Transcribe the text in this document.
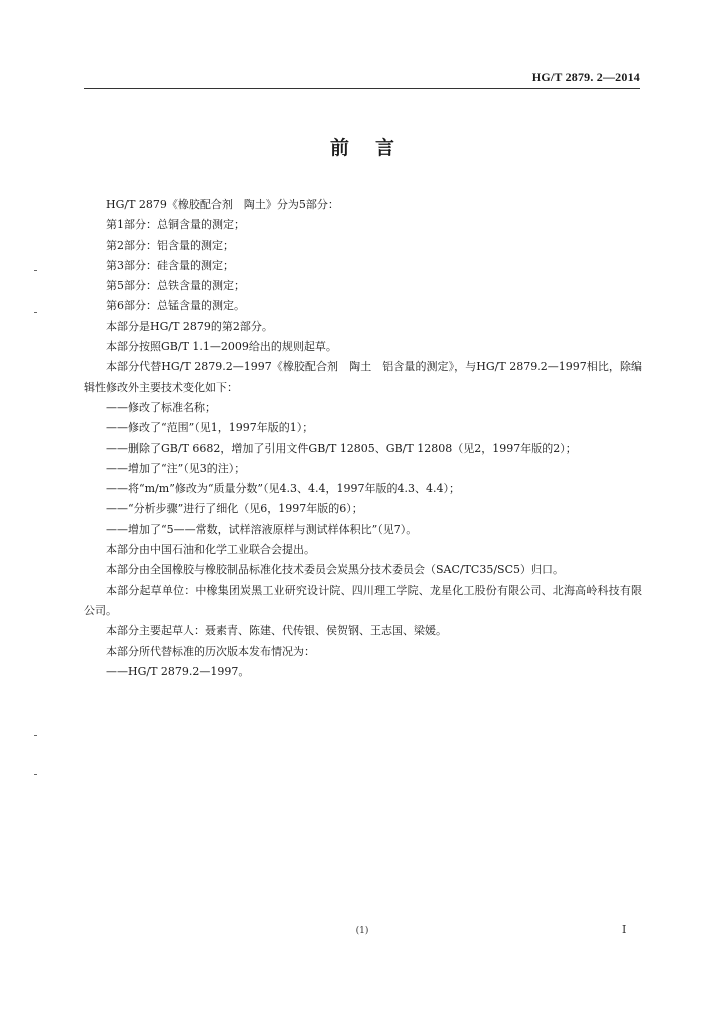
HG/T 2879. 2—2014
前言

HG/T 2879《橡胶配合剂　陶土》分为5部分：

第1部分：总铜含量的测定；

第2部分：铝含量的测定；

第3部分：硅含量的测定；

第5部分：总铁含量的测定；

第6部分：总锰含量的测定。

本部分是HG/T 2879的第2部分。

本部分按照GB/T 1.1—2009给出的规则起草。

本部分代替HG/T 2879.2—1997《橡胶配合剂　陶土　铝含量的测定》，与HG/T 2879.2—1997相比，除编辑性修改外主要技术变化如下：

——修改了标准名称；

——修改了“范围”（见1，1997年版的1）；

——删除了GB/T 6682，增加了引用文件GB/T 12805、GB/T 12808（见2，1997年版的2）；

——增加了“注”（见3的注）；

——将“m/m”修改为“质量分数”（见4.3、4.4，1997年版的4.3、4.4）；

——“分析步骤”进行了细化（见6，1997年版的6）；

——增加了“5——常数，试样溶液原样与测试样体积比”（见7）。

本部分由中国石油和化学工业联合会提出。

本部分由全国橡胶与橡胶制品标准化技术委员会炭黑分技术委员会（SAC/TC35/SC5）归口。

本部分起草单位：中橡集团炭黑工业研究设计院、四川理工学院、龙星化工股份有限公司、北海高岭科技有限公司。

本部分主要起草人：聂素青、陈建、代传银、侯贺钢、王志国、梁媛。

本部分所代替标准的历次版本发布情况为：

——HG/T 2879.2—1997。

(1)	I
